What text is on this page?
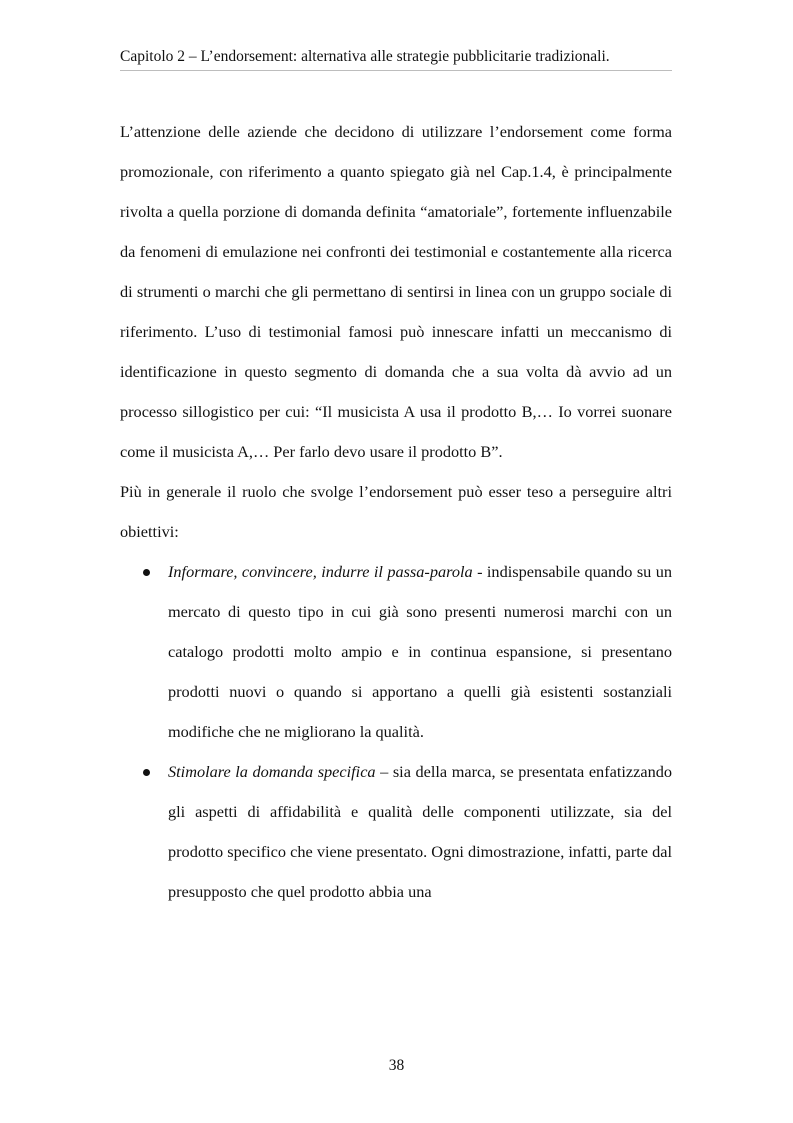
Capitolo 2 – L’endorsement: alternativa alle strategie pubblicitarie tradizionali.

L’attenzione delle aziende che decidono di utilizzare l’endorsement come forma promozionale, con riferimento a quanto spiegato già nel Cap.1.4, è principalmente rivolta a quella porzione di domanda definita “amatoriale”, fortemente influenzabile da fenomeni di emulazione nei confronti dei testimonial e costantemente alla ricerca di strumenti o marchi che gli permettano di sentirsi in linea con un gruppo sociale di riferimento. L’uso di testimonial famosi può innescare infatti un meccanismo di identificazione in questo segmento di domanda che a sua volta dà avvio ad un processo sillogistico per cui: “Il musicista A usa il prodotto B,… Io vorrei suonare come il musicista A,… Per farlo devo usare il prodotto B”.

Più in generale il ruolo che svolge l’endorsement può esser teso a perseguire altri obiettivi:

Informare, convincere, indurre il passa-parola - indispensabile quando su un mercato di questo tipo in cui già sono presenti numerosi marchi con un catalogo prodotti molto ampio e in continua espansione, si presentano prodotti nuovi o quando si apportano a quelli già esistenti sostanziali modifiche che ne migliorano la qualità.
Stimolare la domanda specifica – sia della marca, se presentata enfatizzando gli aspetti di affidabilità e qualità delle componenti utilizzate, sia del prodotto specifico che viene presentato. Ogni dimostrazione, infatti, parte dal presupposto che quel prodotto abbia una
38
